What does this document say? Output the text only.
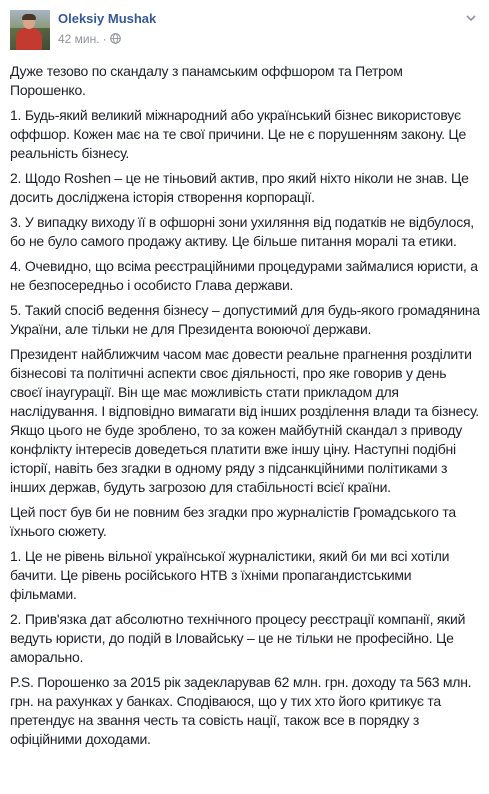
Oleksiy Mushak
42 мин. ·

Дуже тезово по скандалу з панамським оффшором та Петром Порошенко.

1. Будь-який великий міжнародний або український бізнес використовує оффшор. Кожен має на те свої причини. Це не є порушенням закону. Це реальність бізнесу.

2. Щодо Roshen – це не тіньовий актив, про який ніхто ніколи не знав. Це досить досліджена історія створення корпорації.

3. У випадку виходу її в офшорні зони ухиляння від податків не відбулося, бо не було самого продажу активу. Це більше питання моралі та етики.

4. Очевидно, що всіма реєстраційними процедурами займалися юристи, а не безпосередньо і особисто Глава держави.

5. Такий спосіб ведення бізнесу – допустимий для будь-якого громадянина України, але тільки не для Президента воюючої держави.

Президент найближчим часом має довести реальне прагнення розділити бізнесові та політичні аспекти своє діяльності, про яке говорив у день своєї інаугурації. Він ще має можливість стати прикладом для наслідування. І відповідно вимагати від інших розділення влади та бізнесу. Якщо цього не буде зроблено, то за кожен майбутній скандал з приводу конфлікту інтересів доведеться платити вже іншу ціну. Наступні подібні історії, навіть без згадки в одному ряду з підсанкційними політиками з інших держав, будуть загрозою для стабільності всієї країни.

Цей пост був би не повним без згадки про журналістів Громадського та їхнього сюжету.

1. Це не рівень вільної української журналістики, який би ми всі хотіли бачити. Це рівень російського НТВ з їхніми пропагандистськими фільмами.

2. Прив'язка дат абсолютно технічного процесу реєстрації компанії, який ведуть юристи, до подій в Іловайську – це не тільки не професійно. Це аморально.

P.S. Порошенко за 2015 рік задекларував 62 млн. грн. доходу та 563 млн. грн. на рахунках у банках. Сподіваюся, що у тих хто його критикує та претендує на звання честь та совість нації, також все в порядку з офіційними доходами.
